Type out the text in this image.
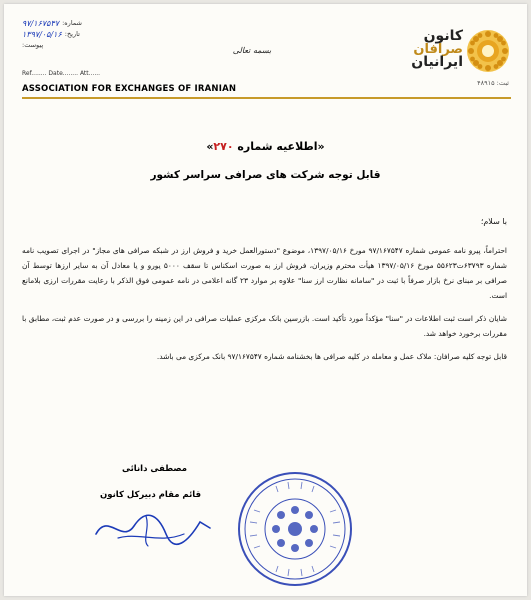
شماره:
۹۷/۱۶۷۵۴۷
تاریخ:
۱۳۹۷/۰۵/۱۶
پیوست:
بسمه تعالی
کانون
صرافان
ایرانیان
ثبت: ۴۸۹۱۵
Ref........ Date........ Att......
ASSOCIATION FOR EXCHANGES OF IRANIAN
«اطلاعیه شماره ۲۷۰»
قابل توجه شرکت های صرافی سراسر کشور

با سلام؛

احتراماً، پیرو نامه عمومی شماره ۹۷/۱۶۷۵۴۷ مورخ ۱۳۹۷/۰۵/۱۶، موضوع "دستورالعمل خرید و فروش ارز در شبکه صرافی های مجاز" در اجرای تصویب نامه شماره ۶۳۷۹۳ت۵۵۶۲۳ مورخ ۱۳۹۷/۰۵/۱۶ هیأت محترم وزیران، فروش ارز به صورت اسکناس تا سقف ۵۰۰۰ یورو و یا معادل آن به سایر ارزها توسط آن صرافی بر مبنای نرخ بازار صرفاً با ثبت در "سامانه نظارت ارز سنا" علاوه بر موارد ۲۳ گانه اعلامی در نامه عمومی فوق الذکر با رعایت مقررات ارزی بلامانع است.

شایان ذکر است ثبت اطلاعات در "سنا" مؤکداً مورد تأکید است. بازرسین بانک مرکزی عملیات صرافی در این زمینه را بررسی و در صورت عدم ثبت، مطابق با مقررات برخورد خواهد شد.

قابل توجه کلیه صرافان: ملاک عمل و معامله در کلیه صرافی ها بخشنامه شماره ۹۷/۱۶۷۵۴۷ بانک مرکزی می باشد.

مصطفی دانائی
قائم مقام دبیرکل کانون
